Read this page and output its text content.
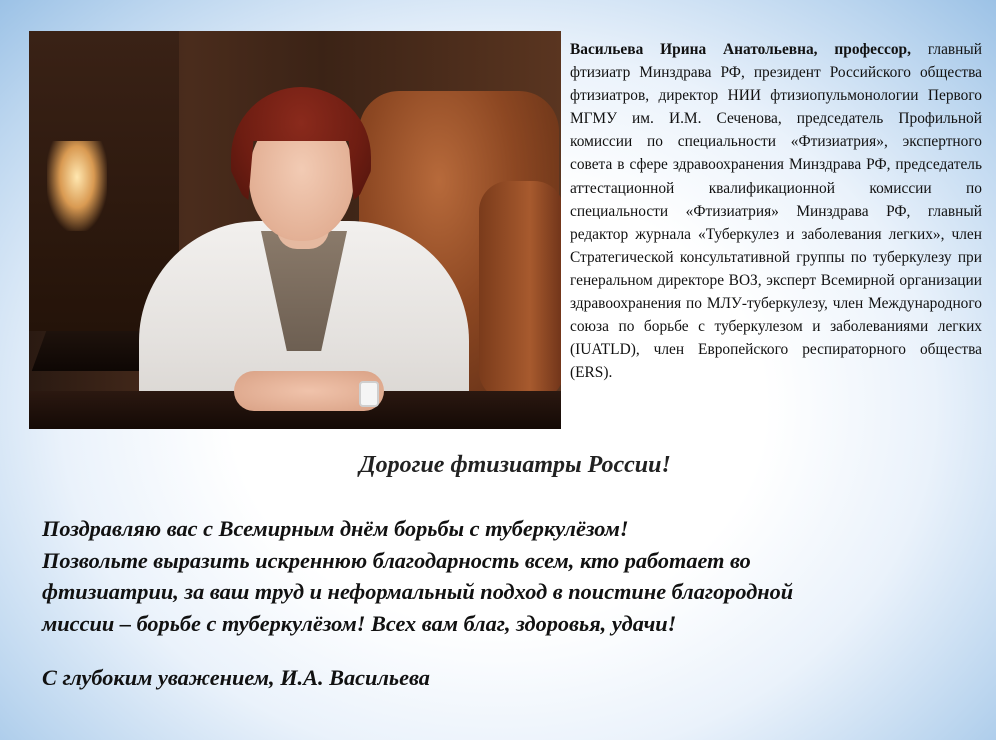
Васильева Ирина Анатольевна, профессор, главный фтизиатр Минздрава РФ, президент Российского общества фтизиатров, директор НИИ фтизиопульмонологии Первого МГМУ им. И.М. Сеченова, председатель Профильной комиссии по специальности «Фтизиатрия», экспертного совета в сфере здравоохранения Минздрава РФ, председатель аттестационной квалификационной комиссии по специальности «Фтизиатрия» Минздрава РФ, главный редактор журнала «Туберкулез и заболевания легких», член Стратегической консультативной группы по туберкулезу при генеральном директоре ВОЗ, эксперт Всемирной организации здравоохранения по МЛУ-туберкулезу, член Международного союза по борьбе с туберкулезом и заболеваниями легких (IUATLD), член Европейского респираторного общества (ERS).
Дорогие фтизиатры России!
Поздравляю вас с Всемирным днём борьбы с туберкулёзом!
Позвольте выразить искреннюю благодарность всем, кто работает во
фтизиатрии, за ваш труд и неформальный подход в поистине благородной
миссии – борьбе с туберкулёзом! Всех вам благ, здоровья, удачи!
С глубоким уважением, И.А. Васильева
